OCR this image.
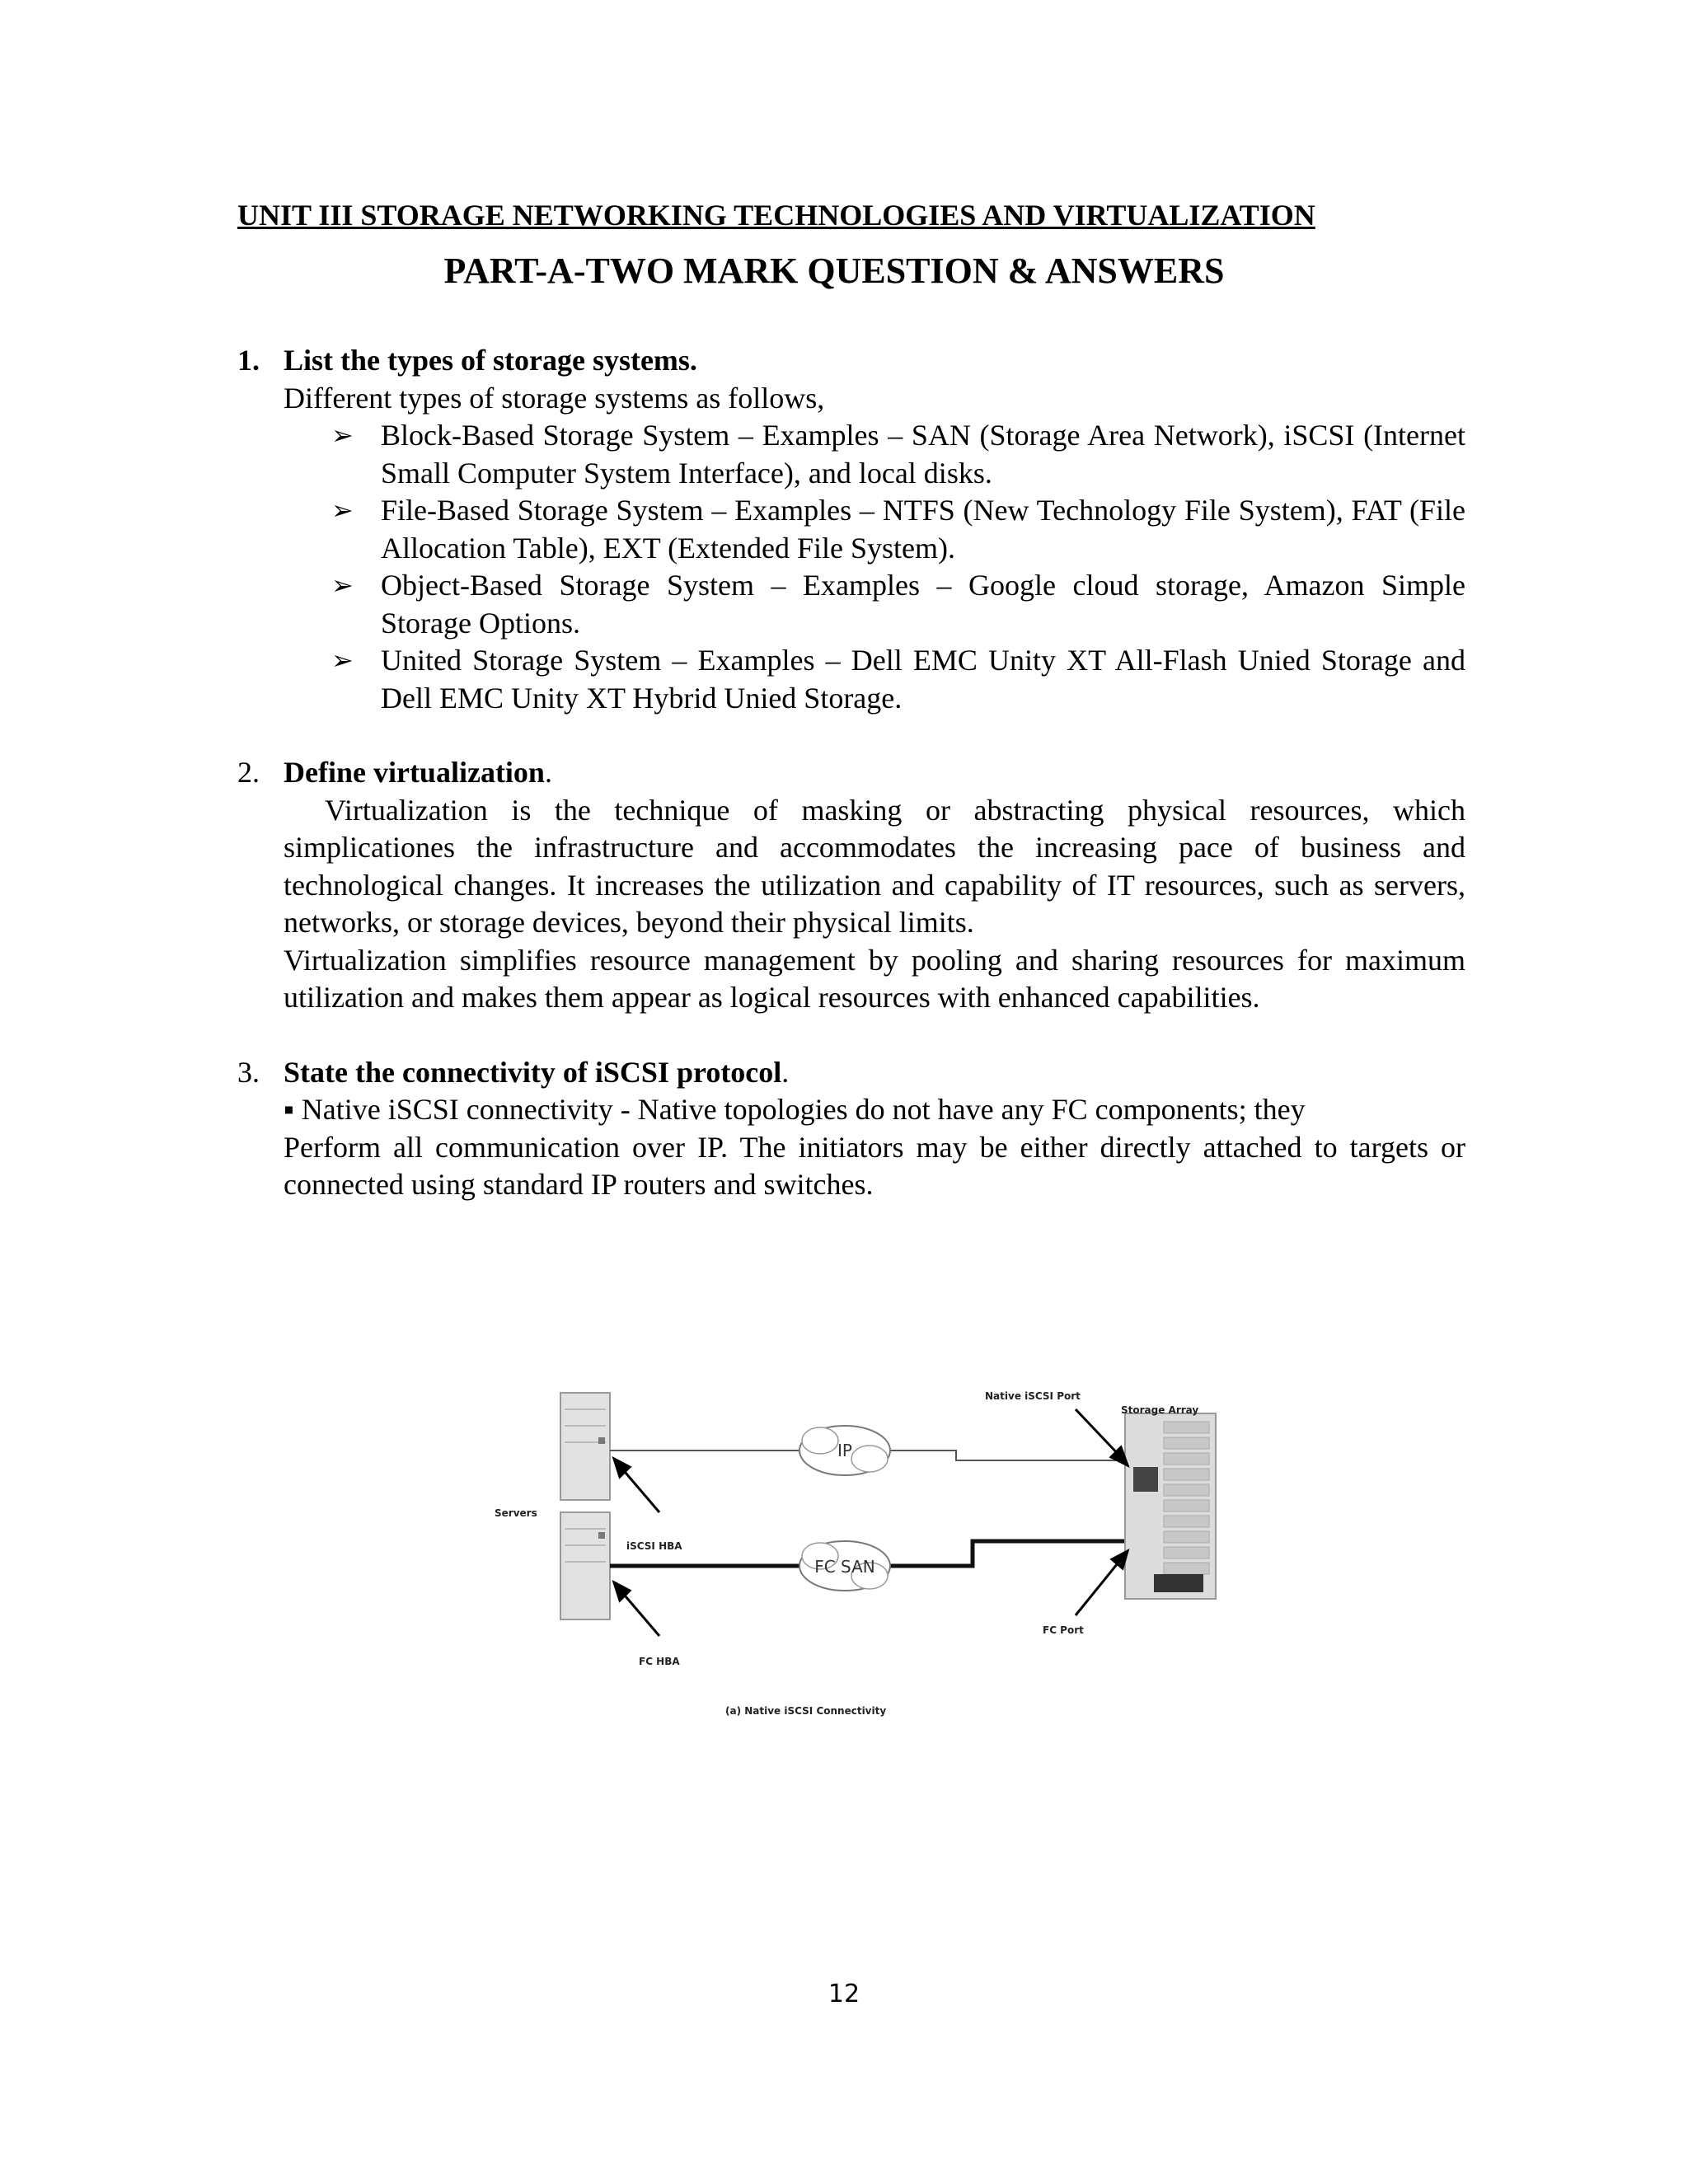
UNIT III STORAGE NETWORKING TECHNOLOGIES AND VIRTUALIZATION
PART-A-TWO MARK QUESTION & ANSWERS
1. List the types of storage systems.
Different types of storage systems as follows,
➢ Block-Based Storage System – Examples – SAN (Storage Area Network), iSCSI (Internet Small Computer System Interface), and local disks.
➢ File-Based Storage System – Examples – NTFS (New Technology File System), FAT (File Allocation Table), EXT (Extended File System).
➢ Object-Based Storage System – Examples – Google cloud storage, Amazon Simple Storage Options.
➢ United Storage System – Examples – Dell EMC Unity XT All-Flash Unied Storage and Dell EMC Unity XT Hybrid Unied Storage.
2. Define virtualization.

Virtualization is the technique of masking or abstracting physical resources, which simplicationes the infrastructure and accommodates the increasing pace of business and technological changes. It increases the utilization and capability of IT resources, such as servers, networks, or storage devices, beyond their physical limits.

Virtualization simplifies resource management by pooling and sharing resources for maximum utilization and makes them appear as logical resources with enhanced capabilities.

3. State the connectivity of iSCSI protocol.
▪ Native iSCSI connectivity - Native topologies do not have any FC components; they
Perform all communication over IP. The initiators may be either directly attached to targets or connected using standard IP routers and switches.
IP
FC SAN
Servers
iSCSI HBA
FC HBA
Native iSCSI Port
Storage Array
FC Port
(a) Native iSCSI Connectivity
12
